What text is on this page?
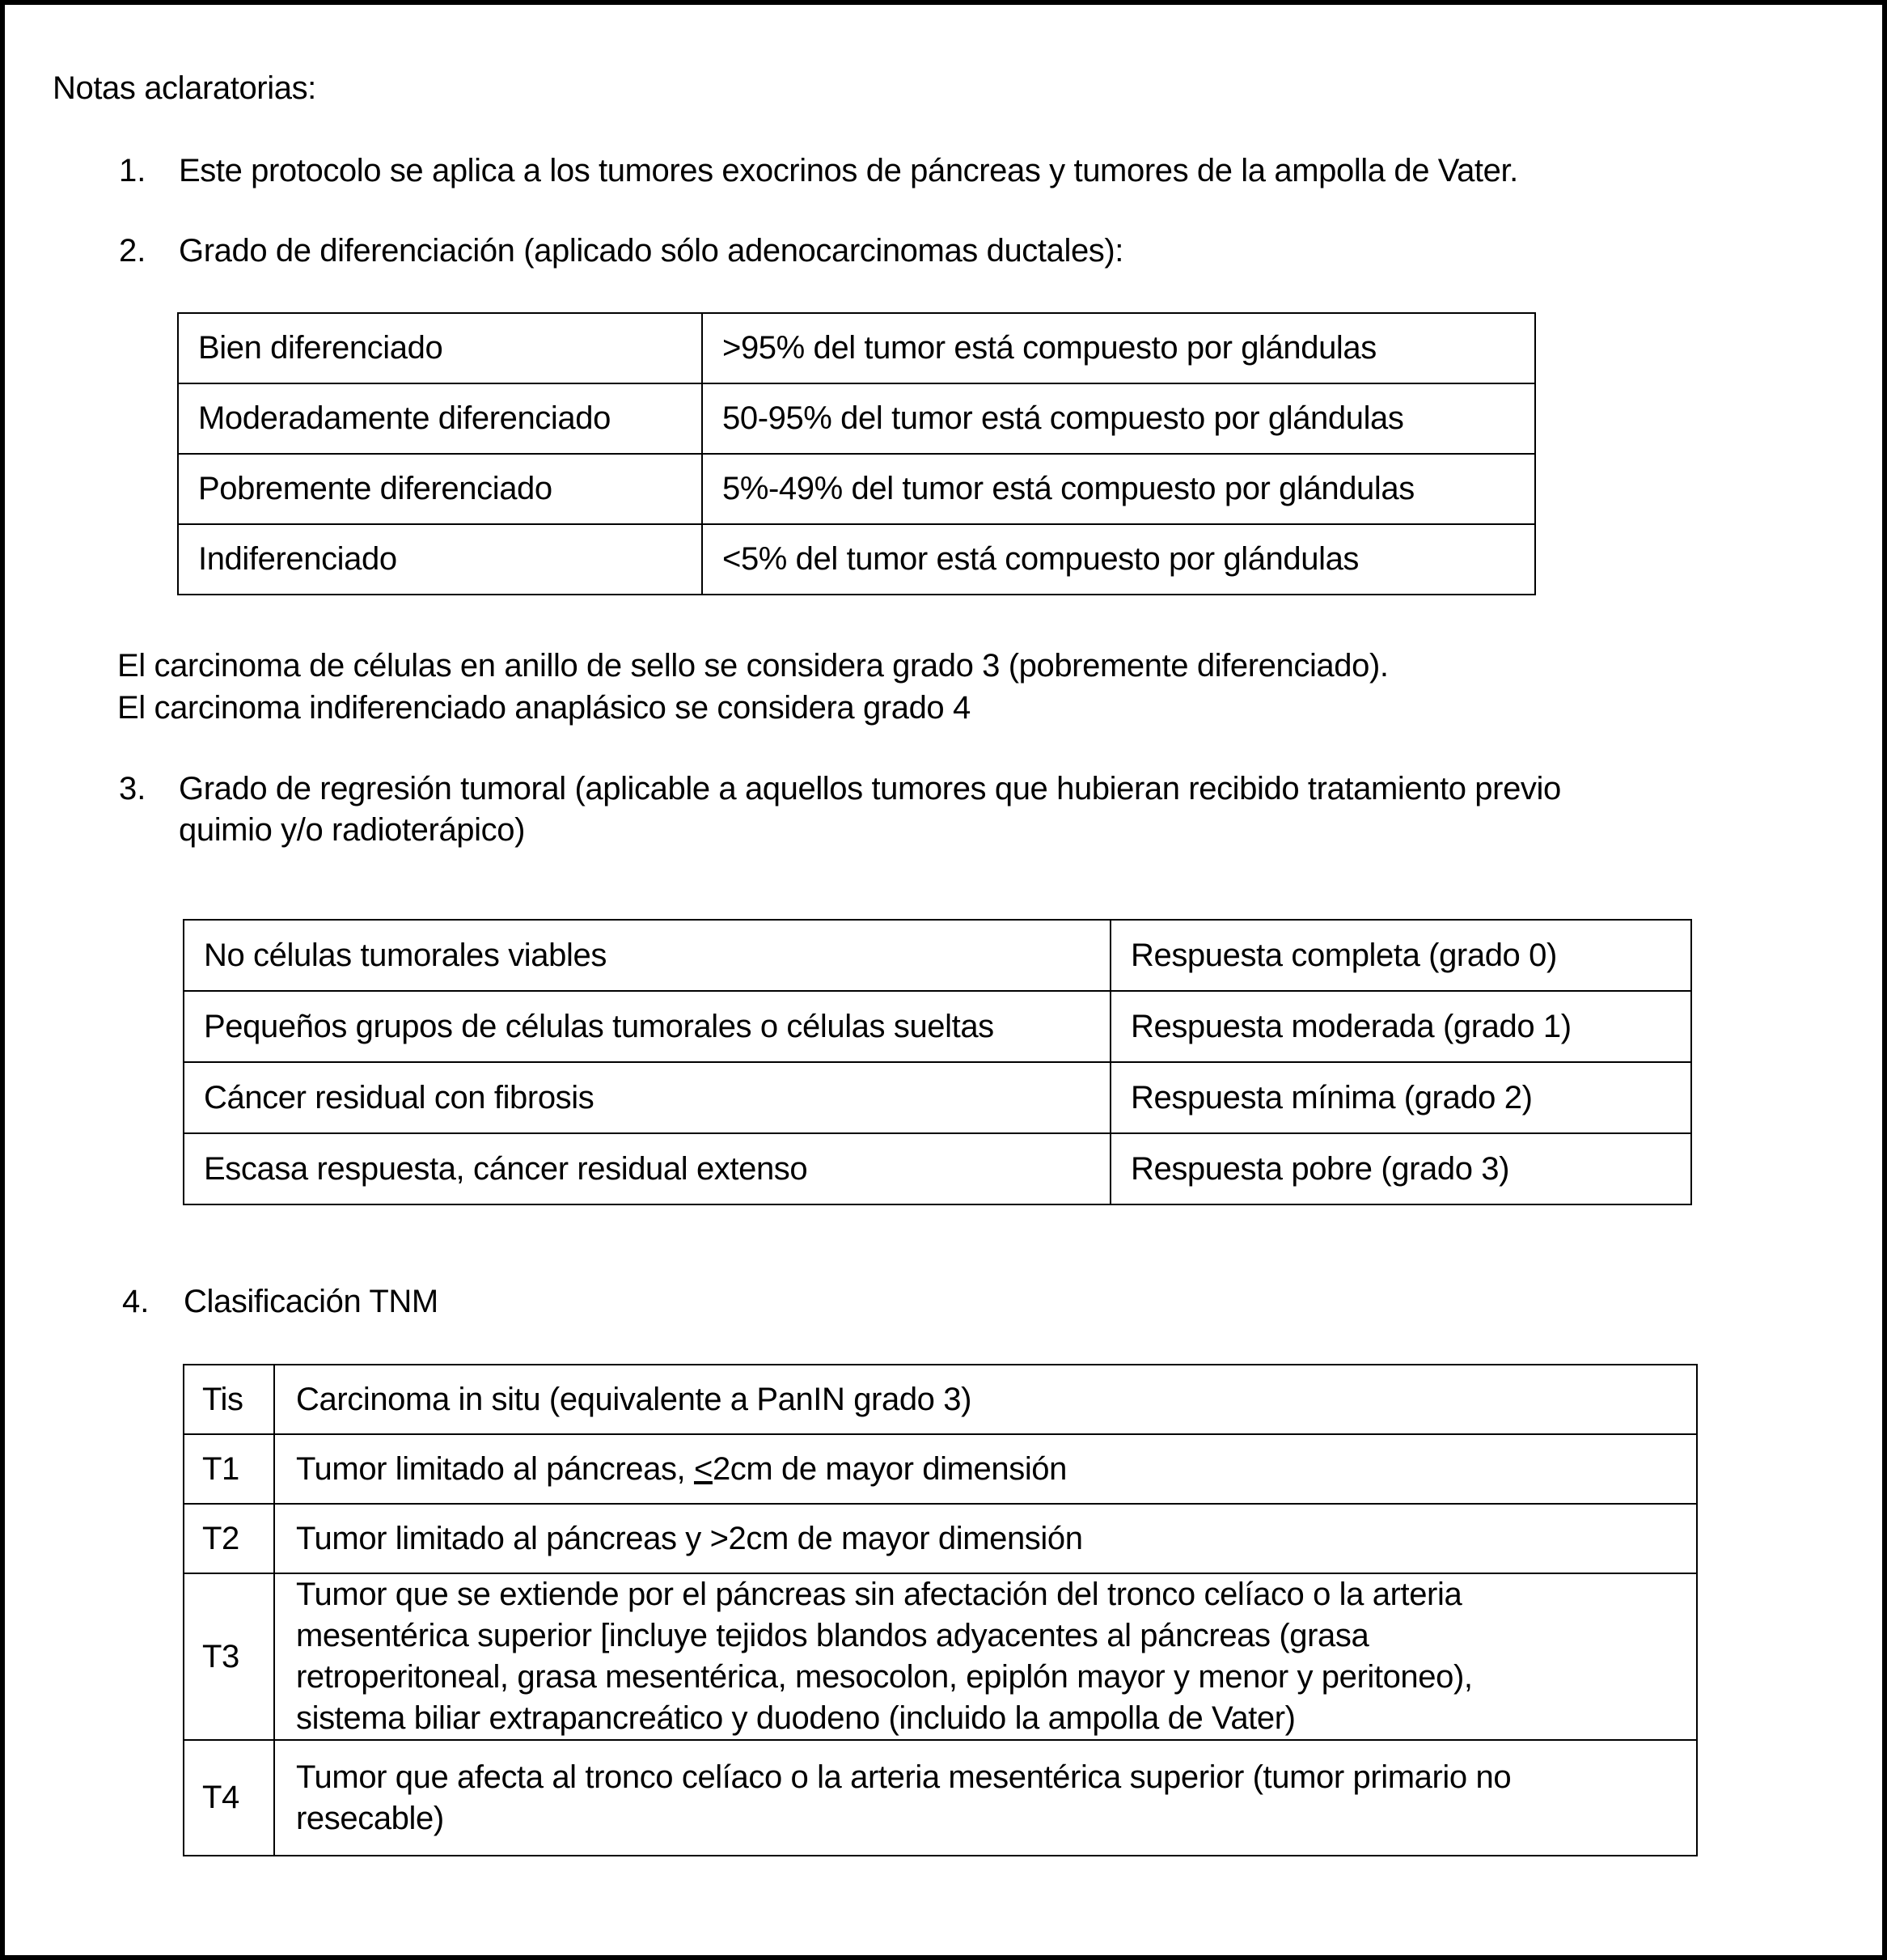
Notas aclaratorias:
1. Este protocolo se aplica a los tumores exocrinos de páncreas y tumores de la ampolla de Vater.
2. Grado de diferenciación (aplicado sólo adenocarcinomas ductales):
Bien diferenciado	>95% del tumor está compuesto por glándulas
Moderadamente diferenciado	50-95% del tumor está compuesto por glándulas
Pobremente diferenciado	5%-49% del tumor está compuesto por glándulas
Indiferenciado	<5% del tumor está compuesto por glándulas
El carcinoma de células en anillo de sello se considera grado 3 (pobremente diferenciado).
El carcinoma indiferenciado anaplásico se considera grado 4
3. Grado de regresión tumoral (aplicable a aquellos tumores que hubieran recibido tratamiento previo
quimio y/o radioterápico)
No células tumorales viables	Respuesta completa (grado 0)
Pequeños grupos de células tumorales o células sueltas	Respuesta moderada (grado 1)
Cáncer residual con fibrosis	Respuesta mínima (grado 2)
Escasa respuesta, cáncer residual extenso	Respuesta pobre (grado 3)
4. Clasificación TNM
Tis	Carcinoma in situ (equivalente a PanIN grado 3)
T1	Tumor limitado al páncreas, <2cm de mayor dimensión
T2	Tumor limitado al páncreas y >2cm de mayor dimensión
T3	Tumor que se extiende por el páncreas sin afectación del tronco celíaco o la arteria
mesentérica superior [incluye tejidos blandos adyacentes al páncreas (grasa
retroperitoneal, grasa mesentérica, mesocolon, epiplón mayor y menor y peritoneo),
sistema biliar extrapancreático y duodeno (incluido la ampolla de Vater)

T4	Tumor que afecta al tronco celíaco o la arteria mesentérica superior (tumor primario no
resecable)
